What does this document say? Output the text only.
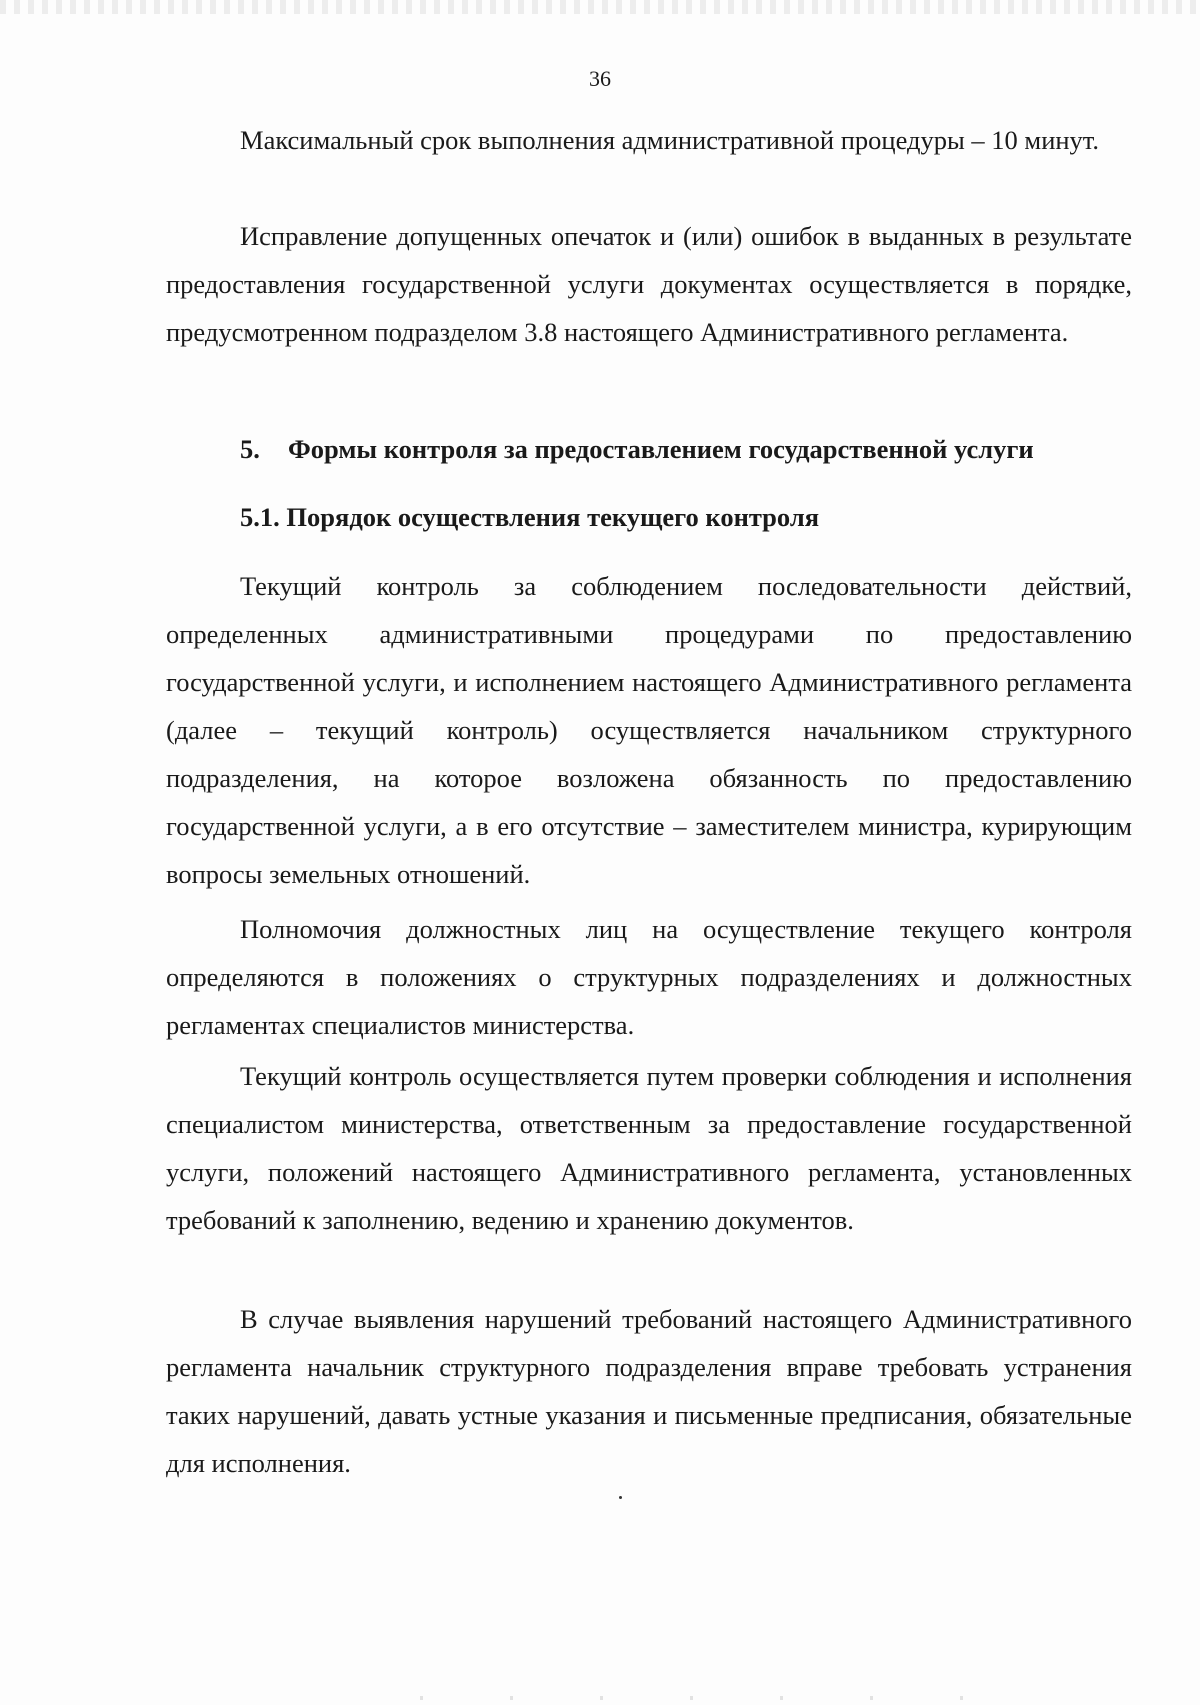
36

Максимальный срок выполнения административной процедуры – 10 минут.

Исправление допущенных опечаток и (или) ошибок в выданных в результате предоставления государственной услуги документах осуществляется в порядке, предусмотренном подразделом 3.8 настоящего Административного регламента.

5. Формы контроля за предоставлением государственной услуги
5.1. Порядок осуществления текущего контроля

Текущий контроль за соблюдением последовательности действий, определенных административными процедурами по предоставлению государственной услуги, и исполнением настоящего Административного регламента (далее – текущий контроль) осуществляется начальником структурного подразделения, на которое возложена обязанность по предоставлению государственной услуги, а в его отсутствие – заместителем министра, курирующим вопросы земельных отношений.

Полномочия должностных лиц на осуществление текущего контроля определяются в положениях о структурных подразделениях и должностных регламентах специалистов министерства.

Текущий контроль осуществляется путем проверки соблюдения и исполнения специалистом министерства, ответственным за предоставление государственной услуги, положений настоящего Административного регламента, установленных требований к заполнению, ведению и хранению документов.

В случае выявления нарушений требований настоящего Административного регламента начальник структурного подразделения вправе требовать устранения таких нарушений, давать устные указания и письменные предписания, обязательные для исполнения.
